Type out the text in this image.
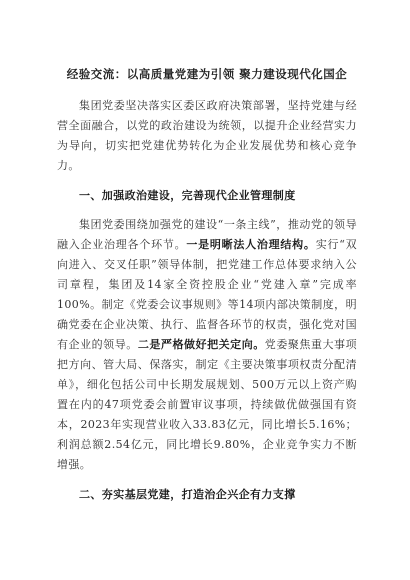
经验交流：以高质量党建为引领 聚力建设现代化国企

集团党委坚决落实区委区政府决策部署，坚持党建与经营全面融合，以党的政治建设为统领，以提升企业经营实力为导向，切实把党建优势转化为企业发展优势和核心竞争力。

一、加强政治建设，完善现代企业管理制度

集团党委围绕加强党的建设“一条主线”，推动党的领导融入企业治理各个环节。一是明晰法人治理结构。实行“双向进入、交叉任职”领导体制，把党建工作总体要求纳入公司章程，集团及14家全资控股企业“党建入章”完成率100%。制定《党委会议事规则》等14项内部决策制度，明确党委在企业决策、执行、监督各环节的权责，强化党对国有企业的领导。二是严格做好把关定向。党委聚焦重大事项把方向、管大局、保落实，制定《主要决策事项权责分配清单》，细化包括公司中长期发展规划、500万元以上资产购置在内的47项党委会前置审议事项，持续做优做强国有资本，2023年实现营业收入33.83亿元，同比增长5.16%；利润总额2.54亿元，同比增长9.80%，企业竞争实力不断增强。

二、夯实基层党建，打造治企兴企有力支撑
